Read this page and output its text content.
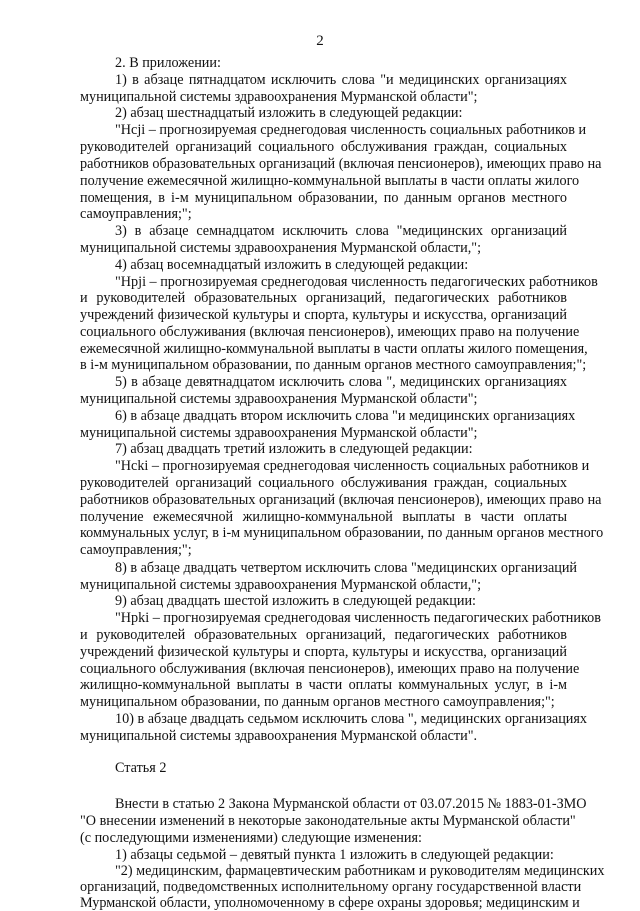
2
2. В приложении:
1) в абзаце пятнадцатом исключить слова "и медицинских организациях
муниципальной системы здравоохранения Мурманской области";
2) абзац шестнадцатый изложить в следующей редакции:
"Нсji – прогнозируемая среднегодовая численность социальных работников и
руководителей организаций социального обслуживания граждан, социальных
работников образовательных организаций (включая пенсионеров), имеющих право на
получение ежемесячной жилищно-коммунальной выплаты в части оплаты жилого
помещения, в i-м муниципальном образовании, по данным органов местного
самоуправления;";
3) в абзаце семнадцатом исключить слова "медицинских организаций
муниципальной системы здравоохранения Мурманской области,";
4) абзац восемнадцатый изложить в следующей редакции:
"Нрji – прогнозируемая среднегодовая численность педагогических работников
и руководителей образовательных организаций, педагогических работников
учреждений физической культуры и спорта, культуры и искусства, организаций
социального обслуживания (включая пенсионеров), имеющих право на получение
ежемесячной жилищно-коммунальной выплаты в части оплаты жилого помещения,
в i-м муниципальном образовании, по данным органов местного самоуправления;";
5) в абзаце девятнадцатом исключить слова ", медицинских организациях
муниципальной системы здравоохранения Мурманской области";
6) в абзаце двадцать втором исключить слова "и медицинских организациях
муниципальной системы здравоохранения Мурманской области";
7) абзац двадцать третий изложить в следующей редакции:
"Нcki – прогнозируемая среднегодовая численность социальных работников и
руководителей организаций социального обслуживания граждан, социальных
работников образовательных организаций (включая пенсионеров), имеющих право на
получение ежемесячной жилищно-коммунальной выплаты в части оплаты
коммунальных услуг, в i-м муниципальном образовании, по данным органов местного
самоуправления;";
8) в абзаце двадцать четвертом исключить слова "медицинских организаций
муниципальной системы здравоохранения Мурманской области,";
9) абзац двадцать шестой изложить в следующей редакции:
"Нрki – прогнозируемая среднегодовая численность педагогических работников
и руководителей образовательных организаций, педагогических работников
учреждений физической культуры и спорта, культуры и искусства, организаций
социального обслуживания (включая пенсионеров), имеющих право на получение
жилищно-коммунальной выплаты в части оплаты коммунальных услуг, в i-м
муниципальном образовании, по данным органов местного самоуправления;";
10) в абзаце двадцать седьмом исключить слова ", медицинских организациях
муниципальной системы здравоохранения Мурманской области".
Статья 2
Внести в статью 2 Закона Мурманской области от 03.07.2015 № 1883-01-ЗМО
"О внесении изменений в некоторые законодательные акты Мурманской области"
(с последующими изменениями) следующие изменения:
1) абзацы седьмой – девятый пункта 1 изложить в следующей редакции:
"2) медицинским, фармацевтическим работникам и руководителям медицинских
организаций, подведомственных исполнительному органу государственной власти
Мурманской области, уполномоченному в сфере охраны здоровья; медицинским и
